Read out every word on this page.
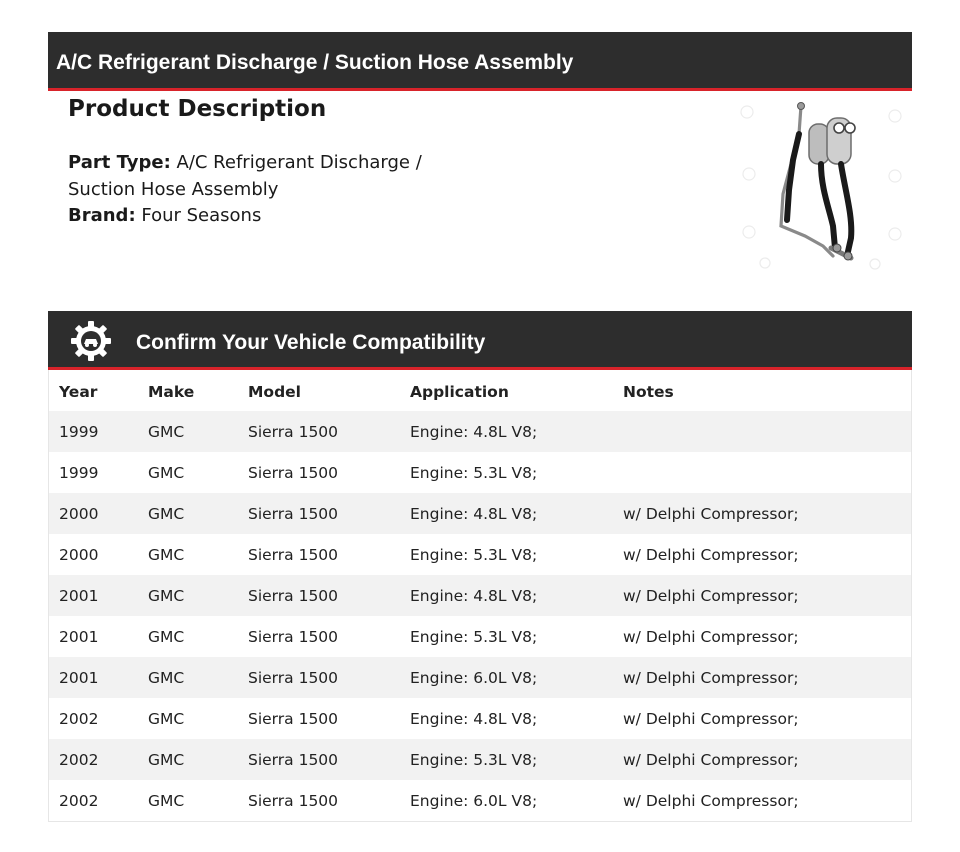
A/C Refrigerant Discharge / Suction Hose Assembly
Product Description
Part Type: A/C Refrigerant Discharge /
Suction Hose Assembly
Brand: Four Seasons
Confirm Your Vehicle Compatibility
Year	Make	Model	Application	Notes
1999	GMC	Sierra 1500	Engine: 4.8L V8;
1999	GMC	Sierra 1500	Engine: 5.3L V8;
2000	GMC	Sierra 1500	Engine: 4.8L V8;	w/ Delphi Compressor;
2000	GMC	Sierra 1500	Engine: 5.3L V8;	w/ Delphi Compressor;
2001	GMC	Sierra 1500	Engine: 4.8L V8;	w/ Delphi Compressor;
2001	GMC	Sierra 1500	Engine: 5.3L V8;	w/ Delphi Compressor;
2001	GMC	Sierra 1500	Engine: 6.0L V8;	w/ Delphi Compressor;
2002	GMC	Sierra 1500	Engine: 4.8L V8;	w/ Delphi Compressor;
2002	GMC	Sierra 1500	Engine: 5.3L V8;	w/ Delphi Compressor;
2002	GMC	Sierra 1500	Engine: 6.0L V8;	w/ Delphi Compressor;
